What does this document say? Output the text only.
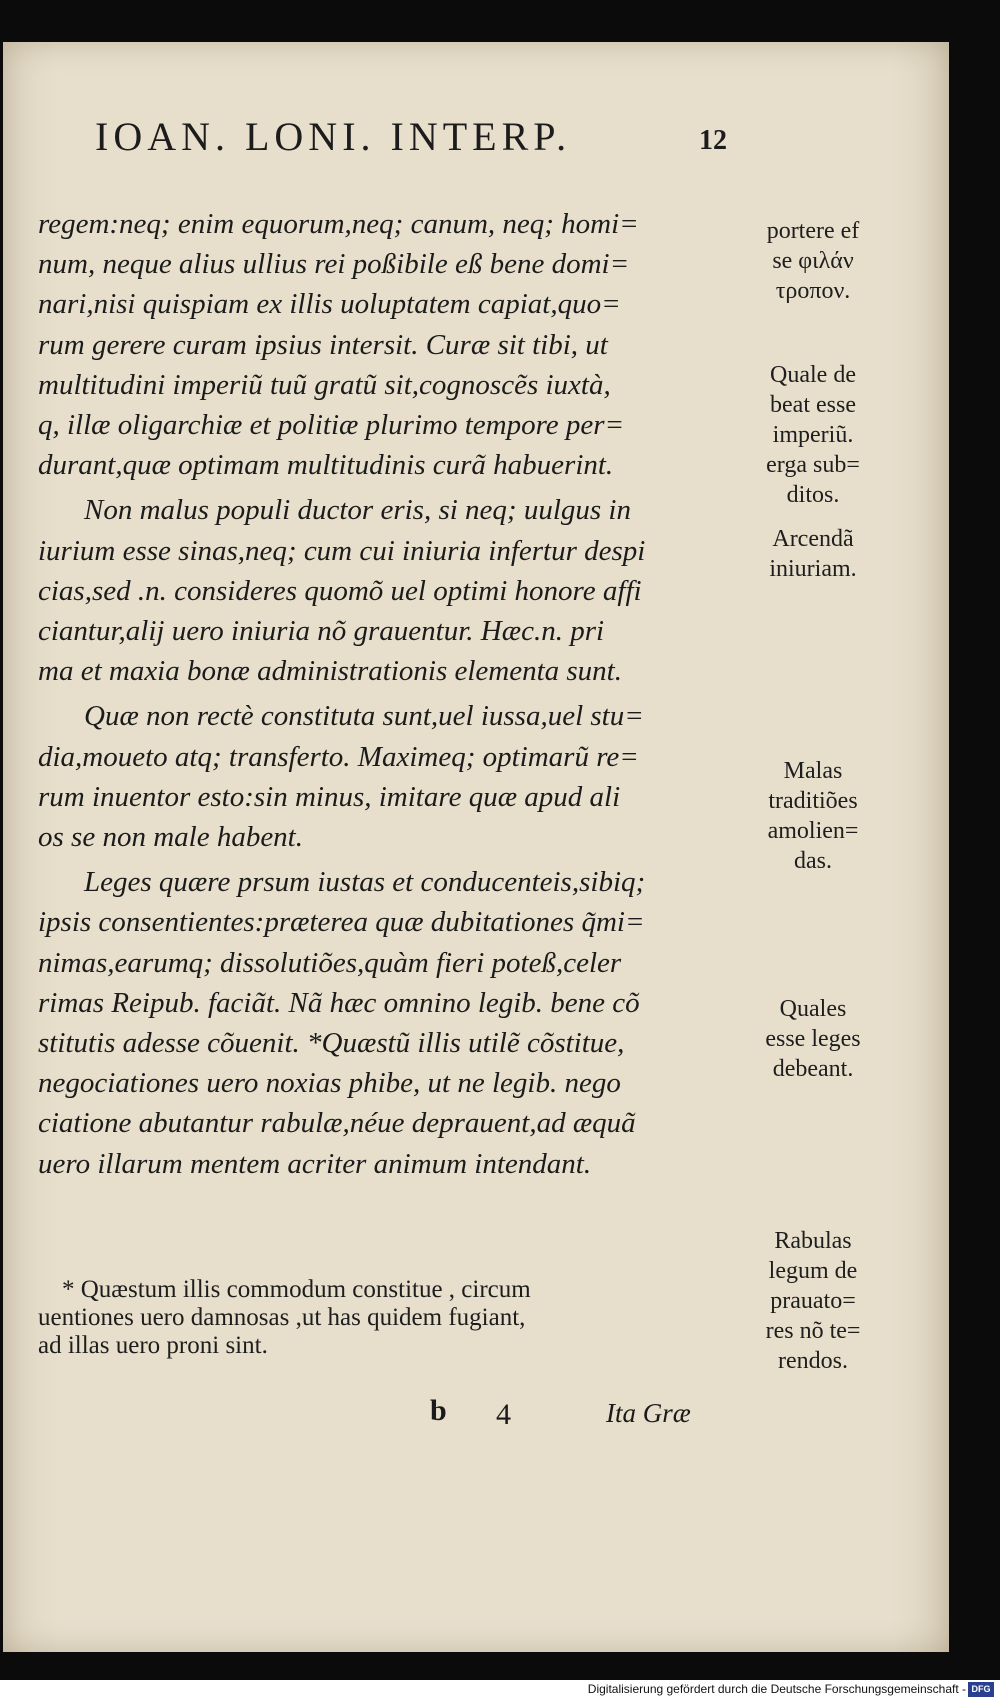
IOAN. LONI. INTERP.	12

regem:neq; enim equorum,neq; canum, neq; homi=
num, neque alius ullius rei poßibile eß bene domi=
nari,nisi quispiam ex illis uoluptatem capiat,quo=
rum gerere curam ipsius intersit. Curæ sit tibi, ut
multitudini imperiũ tuũ gratũ sit,cognoscẽs iuxtà,
q, illæ oligarchiæ et politiæ plurimo tempore per=
durant,quæ optimam multitudinis curã habuerint.

Non malus populi ductor eris, si neq; uulgus in
iurium esse sinas,neq; cum cui iniuria infertur despi
cias,sed .n. consideres quomõ uel optimi honore affi
ciantur,alij uero iniuria nõ grauentur. Hæc.n. pri
ma et maxia bonæ administrationis elementa sunt.

Quæ non rectè constituta sunt,uel iussa,uel stu=
dia,moueto atq; transferto. Maximeq; optimarũ re=
rum inuentor esto:sin minus, imitare quæ apud ali
os se non male habent.

Leges quære prsum iustas et conducenteis,sibiq;
ipsis consentientes:præterea quæ dubitationes q̃mi=
nimas,earumq; dissolutiões,quàm fieri poteß,celer
rimas Reipub. faciãt. Nã hæc omnino legib. bene cõ
stitutis adesse cõuenit. *Quæstũ illis utilẽ cõstitue,
negociationes uero noxias phibe, ut ne legib. nego
ciatione abutantur rabulæ,néue deprauent,ad æquã
uero illarum mentem acriter animum intendant.

* Quæstum illis commodum constitue , circum
uentiones uero damnosas ,ut has quidem fugiant,
ad illas uero proni sint.
b 4	Ita Græ
portere ef
se φιλάν
τροπον.
Quale de
beat esse
imperiũ.
erga sub=
ditos.
Arcendã
iniuriam.
Malas
traditiões
amolien=
das.
Quales
esse leges
debeant.
Rabulas
legum de
prauato=
res nõ te=
rendos.
Digitalisierung gefördert durch die Deutsche Forschungsgemeinschaft - DFG
